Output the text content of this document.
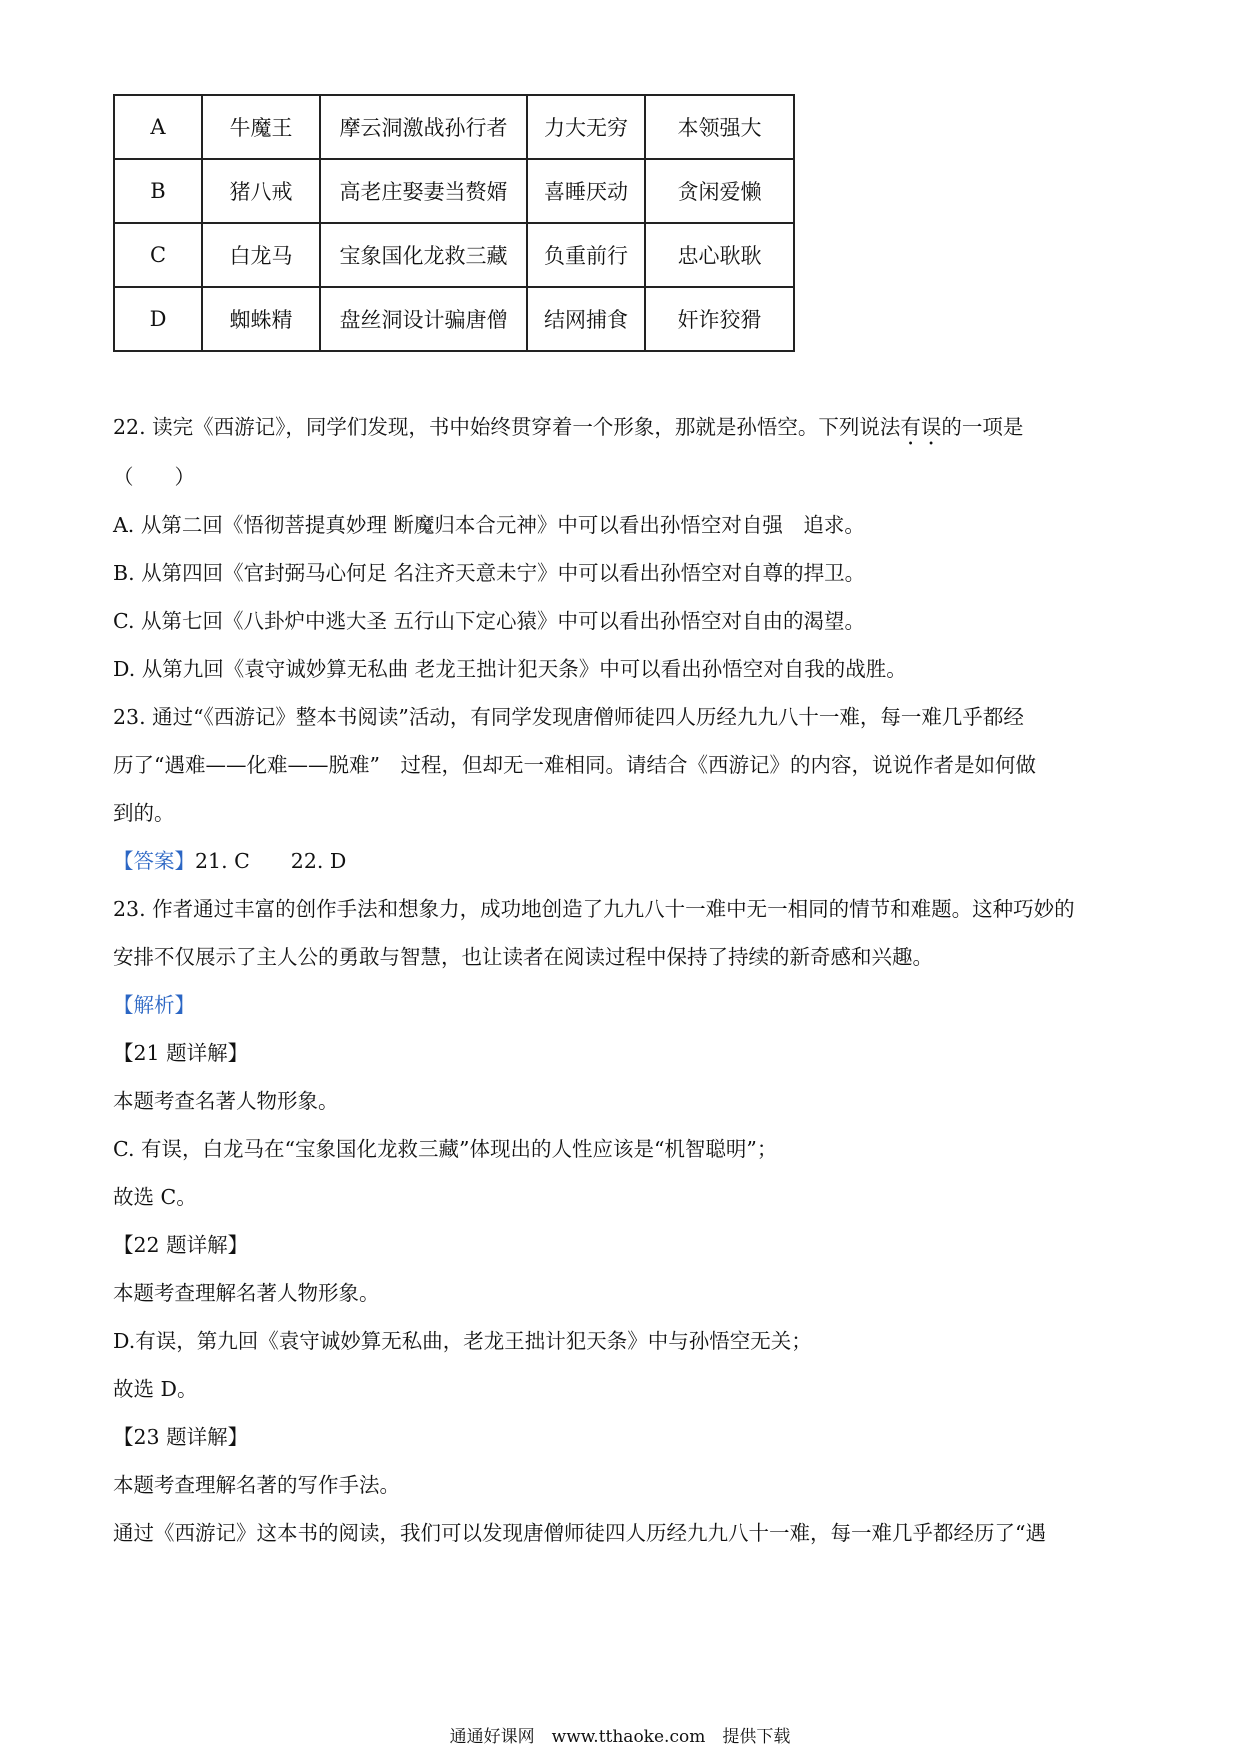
A	牛魔王	摩云洞激战孙行者	力大无穷	本领强大
B	猪八戒	高老庄娶妻当赘婿	喜睡厌动	贪闲爱懒
C	白龙马	宝象国化龙救三藏	负重前行	忠心耿耿
D	蜘蛛精	盘丝洞设计骗唐僧	结网捕食	奸诈狡猾
22. 读完《西游记》，同学们发现，书中始终贯穿着一个形象，那就是孙悟空。下列说法有误的一项是
（　　）
A. 从第二回《悟彻菩提真妙理 断魔归本合元神》中可以看出孙悟空对自强　追求。
B. 从第四回《官封弼马心何足 名注齐天意未宁》中可以看出孙悟空对自尊的捍卫。
C. 从第七回《八卦炉中逃大圣 五行山下定心猿》中可以看出孙悟空对自由的渴望。
D. 从第九回《袁守诚妙算无私曲 老龙王拙计犯天条》中可以看出孙悟空对自我的战胜。
23. 通过“《西游记》整本书阅读”活动，有同学发现唐僧师徒四人历经九九八十一难，每一难几乎都经
历了“遇难——化难——脱难”　过程，但却无一难相同。请结合《西游记》的内容，说说作者是如何做
到的。
【答案】21. C　　22. D
23. 作者通过丰富的创作手法和想象力，成功地创造了九九八十一难中无一相同的情节和难题。这种巧妙的
安排不仅展示了主人公的勇敢与智慧，也让读者在阅读过程中保持了持续的新奇感和兴趣。
【解析】
【21 题详解】
本题考查名著人物形象。
C. 有误，白龙马在“宝象国化龙救三藏”体现出的人性应该是“机智聪明”；
故选 C。
【22 题详解】
本题考查理解名著人物形象。
D.有误，第九回《袁守诚妙算无私曲，老龙王拙计犯天条》中与孙悟空无关；
故选 D。
【23 题详解】
本题考查理解名著的写作手法。
通过《西游记》这本书的阅读，我们可以发现唐僧师徒四人历经九九八十一难，每一难几乎都经历了“遇
通通好课网　www.tthaoke.com　提供下载
